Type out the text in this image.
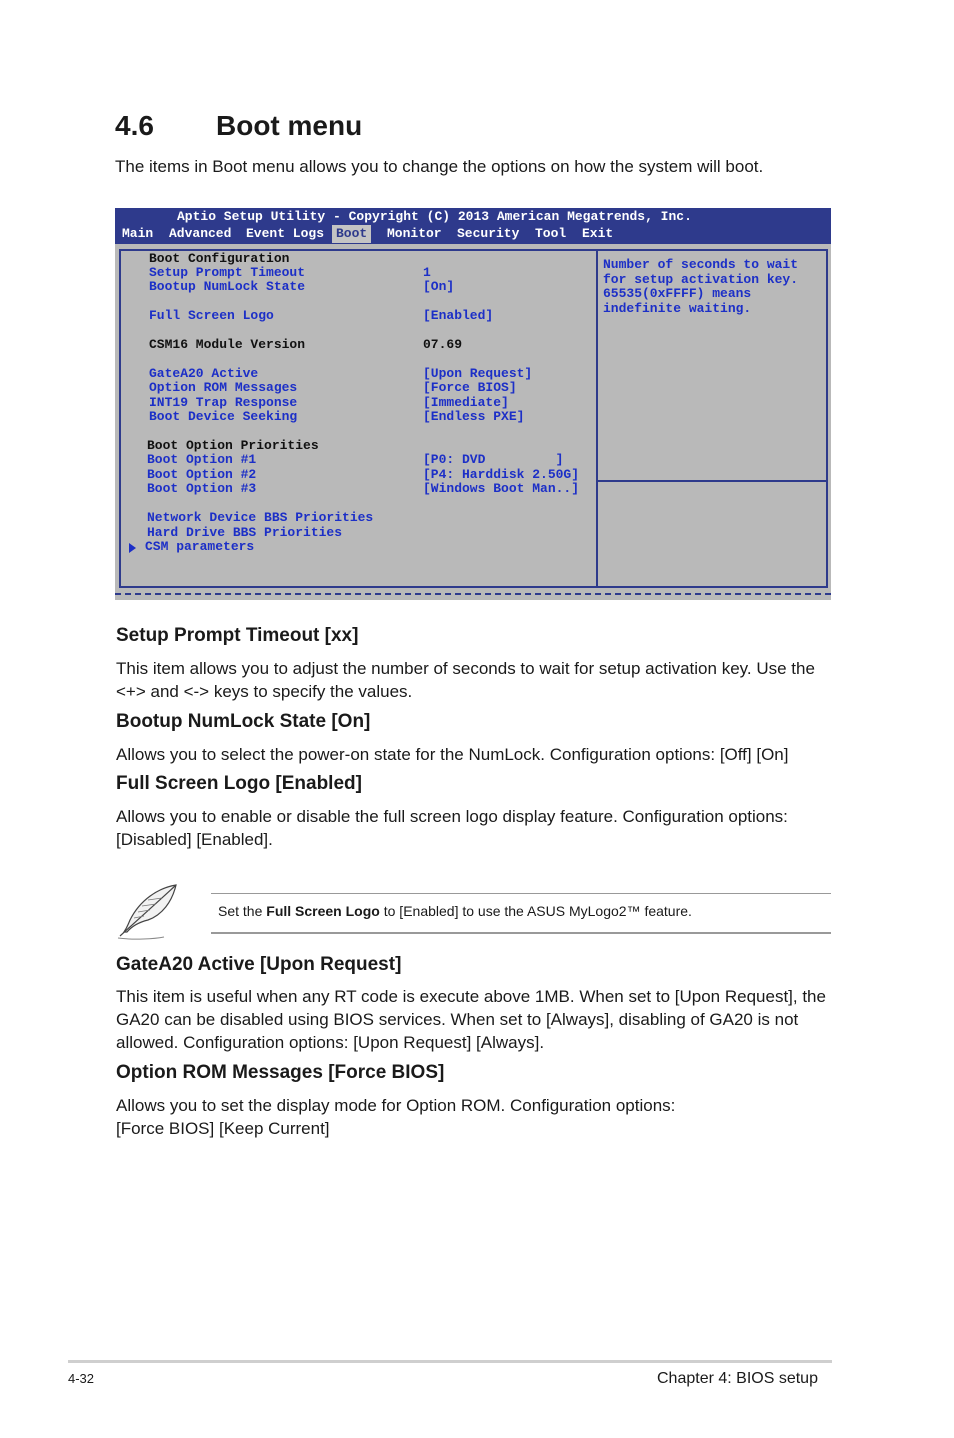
4.6 Boot menu
The items in Boot menu allows you to change the options on how the system will boot.
Aptio Setup Utility - Copyright (C) 2013 American Megatrends, Inc.
Main	Advanced	Event Logs Boot	Monitor	Security	Tool	Exit
Boot Configuration
Setup Prompt Timeout	1
Bootup NumLock State	[On]
Full Screen Logo	[Enabled]
CSM16 Module Version	07.69
GateA20 Active	[Upon Request]
Option ROM Messages	[Force BIOS]
INT19 Trap Response	[Immediate]
Boot Device Seeking	[Endless PXE]
Boot Option Priorities
Boot Option #1	[P0: DVD         ]
Boot Option #2	[P4: Harddisk 2.50G]
Boot Option #3	[Windows Boot Man..]
Network Device BBS Priorities
Hard Drive BBS Priorities
CSM parameters
Number of seconds to wait
for setup activation key.
65535(0xFFFF) means
indefinite waiting.
Setup Prompt Timeout [xx]
This item allows you to adjust the number of seconds to wait for setup activation key. Use the <+> and <-> keys to specify the values.
Bootup NumLock State [On]
Allows you to select the power-on state for the NumLock. Configuration options: [Off] [On]
Full Screen Logo [Enabled]
Allows you to enable or disable the full screen logo display feature. Configuration options: [Disabled] [Enabled].
Set the Full Screen Logo to [Enabled] to use the ASUS MyLogo2™ feature.
GateA20 Active [Upon Request]
This item is useful when any RT code is execute above 1MB. When set to [Upon Request], the GA20 can be disabled using BIOS services. When set to [Always], disabling of GA20 is not allowed. Configuration options: [Upon Request] [Always].
Option ROM Messages [Force BIOS]
Allows you to set the display mode for Option ROM. Configuration options:
[Force BIOS] [Keep Current]
4-32	Chapter 4: BIOS setup
